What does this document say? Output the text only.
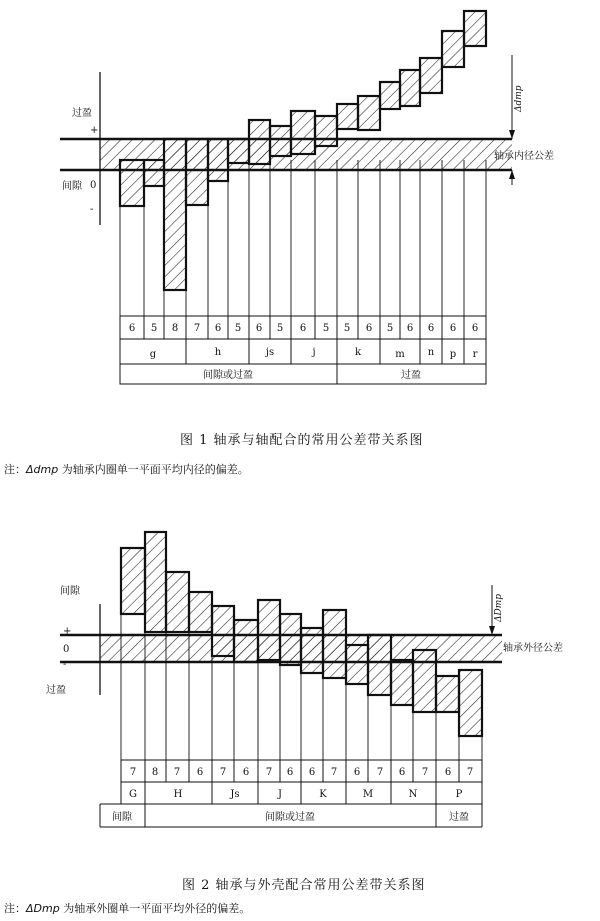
过盈
+
间隙 0
-
Δdmp
轴承内径公差
6 5 8 7 6 5 6 5 6 5 5 6 5 6 6 6 6
g	h	js	j	k	m n p r
间隙或过盈	过盈
间隙
+
0
-
过盈
ΔDmp
轴承外径公差
7 8 7 6 7 6 7 6 6 7 6 7 6 7 6 7
G	H	Js	J	K	M	N	P
间隙	间隙或过盈	过盈
图 1 轴承与轴配合的常用公差带关系图
注：Δdmp 为轴承内圈单一平面平均内径的偏差。
图 2 轴承与外壳配合常用公差带关系图
注：ΔDmp 为轴承外圈单一平面平均外径的偏差。
